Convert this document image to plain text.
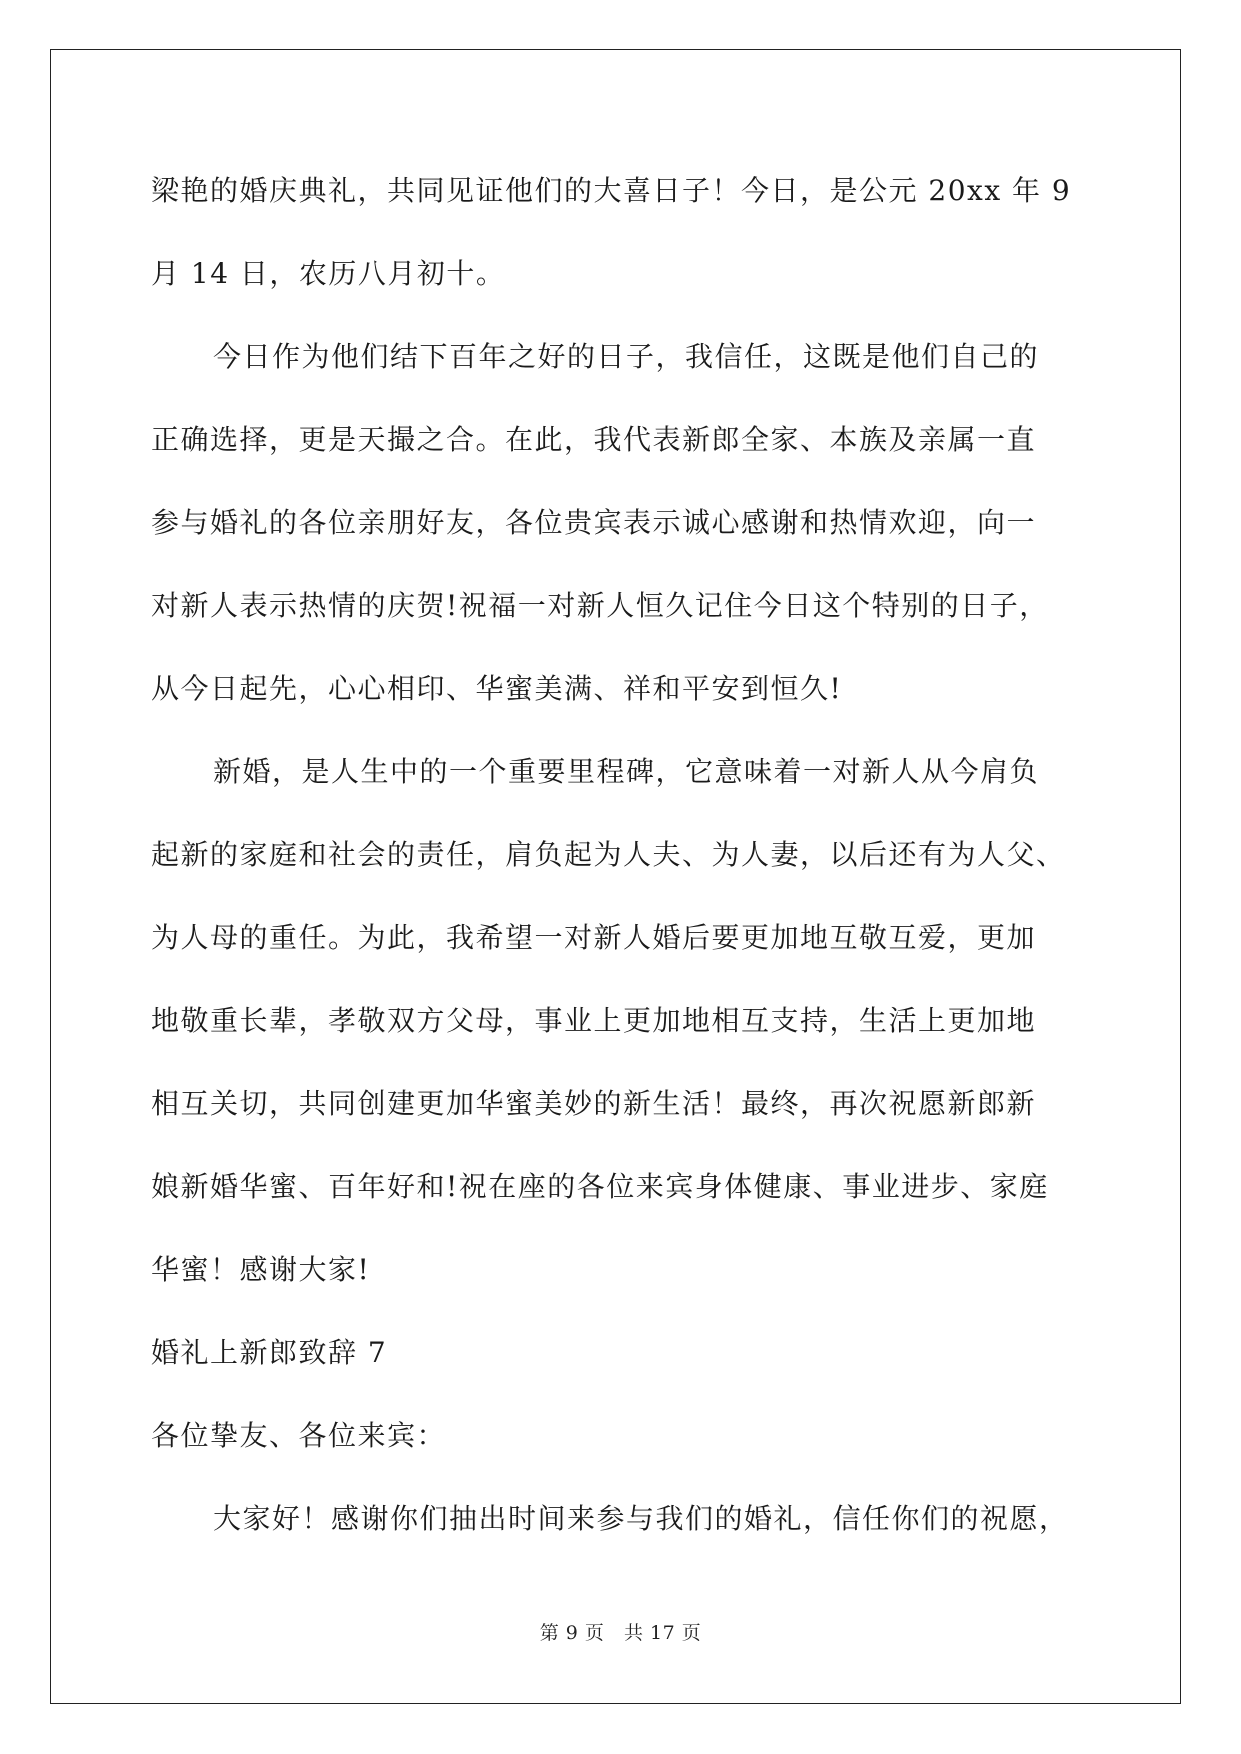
梁艳的婚庆典礼，共同见证他们的大喜日子！今日，是公元 20xx 年 9
月 14 日，农历八月初十。
今日作为他们结下百年之好的日子，我信任，这既是他们自己的
正确选择，更是天撮之合。在此，我代表新郎全家、本族及亲属一直
参与婚礼的各位亲朋好友，各位贵宾表示诚心感谢和热情欢迎，向一
对新人表示热情的庆贺!祝福一对新人恒久记住今日这个特别的日子，
从今日起先，心心相印、华蜜美满、祥和平安到恒久!
新婚，是人生中的一个重要里程碑，它意味着一对新人从今肩负
起新的家庭和社会的责任，肩负起为人夫、为人妻，以后还有为人父、
为人母的重任。为此，我希望一对新人婚后要更加地互敬互爱，更加
地敬重长辈，孝敬双方父母，事业上更加地相互支持，生活上更加地
相互关切，共同创建更加华蜜美妙的新生活！最终，再次祝愿新郎新
娘新婚华蜜、百年好和!祝在座的各位来宾身体健康、事业进步、家庭
华蜜！感谢大家!
婚礼上新郎致辞 7
各位挚友、各位来宾：
大家好！感谢你们抽出时间来参与我们的婚礼，信任你们的祝愿，
第 9 页   共 17 页
